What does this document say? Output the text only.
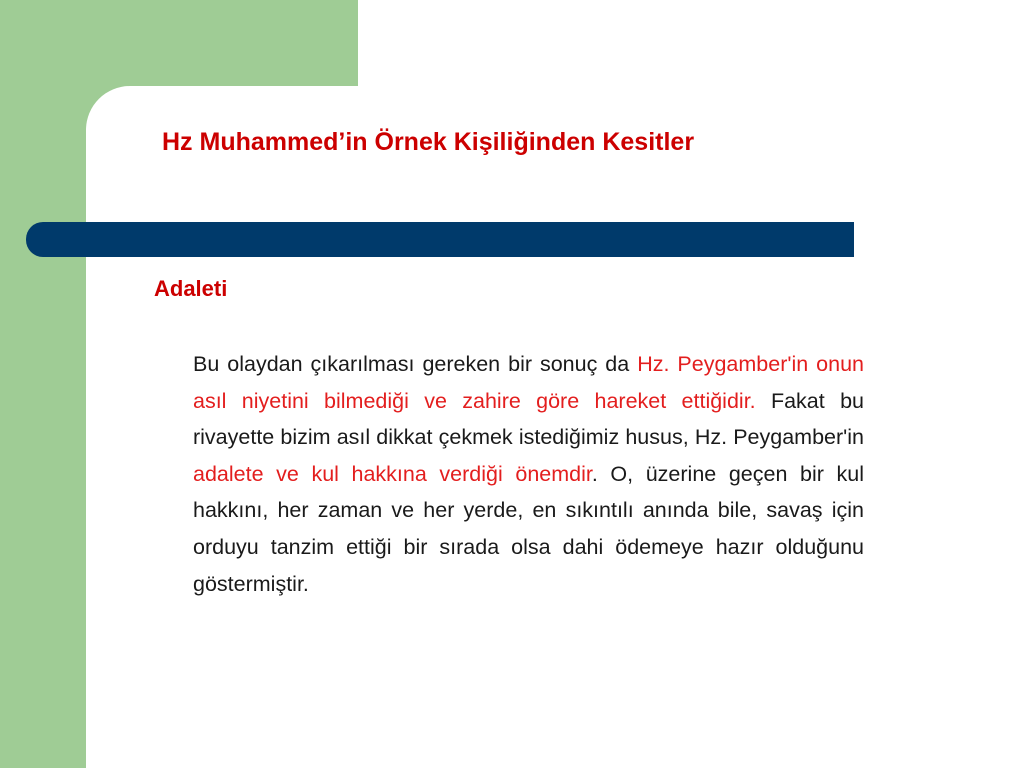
Hz Muhammed’in Örnek Kişiliğinden Kesitler
Adaleti

Bu olaydan çıkarılması gereken bir sonuç da Hz. Peygamber'in onun asıl niyetini bilmediği ve zahire göre hareket ettiğidir. Fakat bu rivayette bizim asıl dikkat çekmek istediğimiz husus, Hz. Peygamber'in adalete ve kul hakkına verdiği önemdir. O, üzerine geçen bir kul hakkını, her zaman ve her yerde, en sıkıntılı anında bile, savaş için orduyu tanzim ettiği bir sırada olsa dahi ödemeye hazır olduğunu göstermiştir.
